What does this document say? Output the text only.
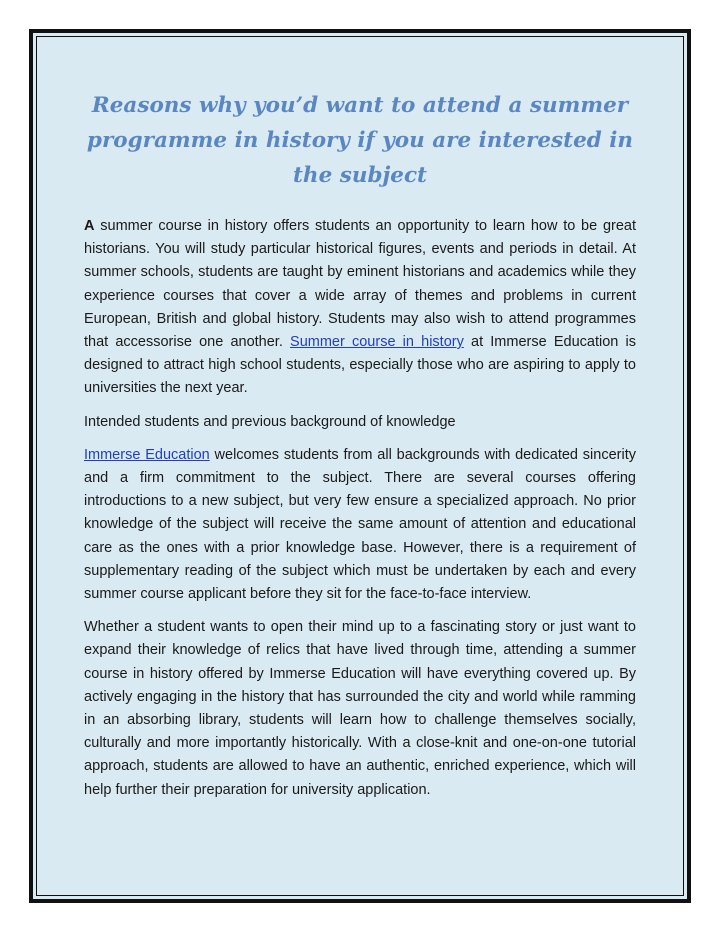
Reasons why you’d want to attend a summer programme in history if you are interested in the subject

A summer course in history offers students an opportunity to learn how to be great historians. You will study particular historical figures, events and periods in detail. At summer schools, students are taught by eminent historians and academics while they experience courses that cover a wide array of themes and problems in current European, British and global history. Students may also wish to attend programmes that accessorise one another. Summer course in history at Immerse Education is designed to attract high school students, especially those who are aspiring to apply to universities the next year.

Intended students and previous background of knowledge

Immerse Education welcomes students from all backgrounds with dedicated sincerity and a firm commitment to the subject. There are several courses offering introductions to a new subject, but very few ensure a specialized approach. No prior knowledge of the subject will receive the same amount of attention and educational care as the ones with a prior knowledge base. However, there is a requirement of supplementary reading of the subject which must be undertaken by each and every summer course applicant before they sit for the face-to-face interview.

Whether a student wants to open their mind up to a fascinating story or just want to expand their knowledge of relics that have lived through time, attending a summer course in history offered by Immerse Education will have everything covered up. By actively engaging in the history that has surrounded the city and world while ramming in an absorbing library, students will learn how to challenge themselves socially, culturally and more importantly historically. With a close-knit and one-on-one tutorial approach, students are allowed to have an authentic, enriched experience, which will help further their preparation for university application.
